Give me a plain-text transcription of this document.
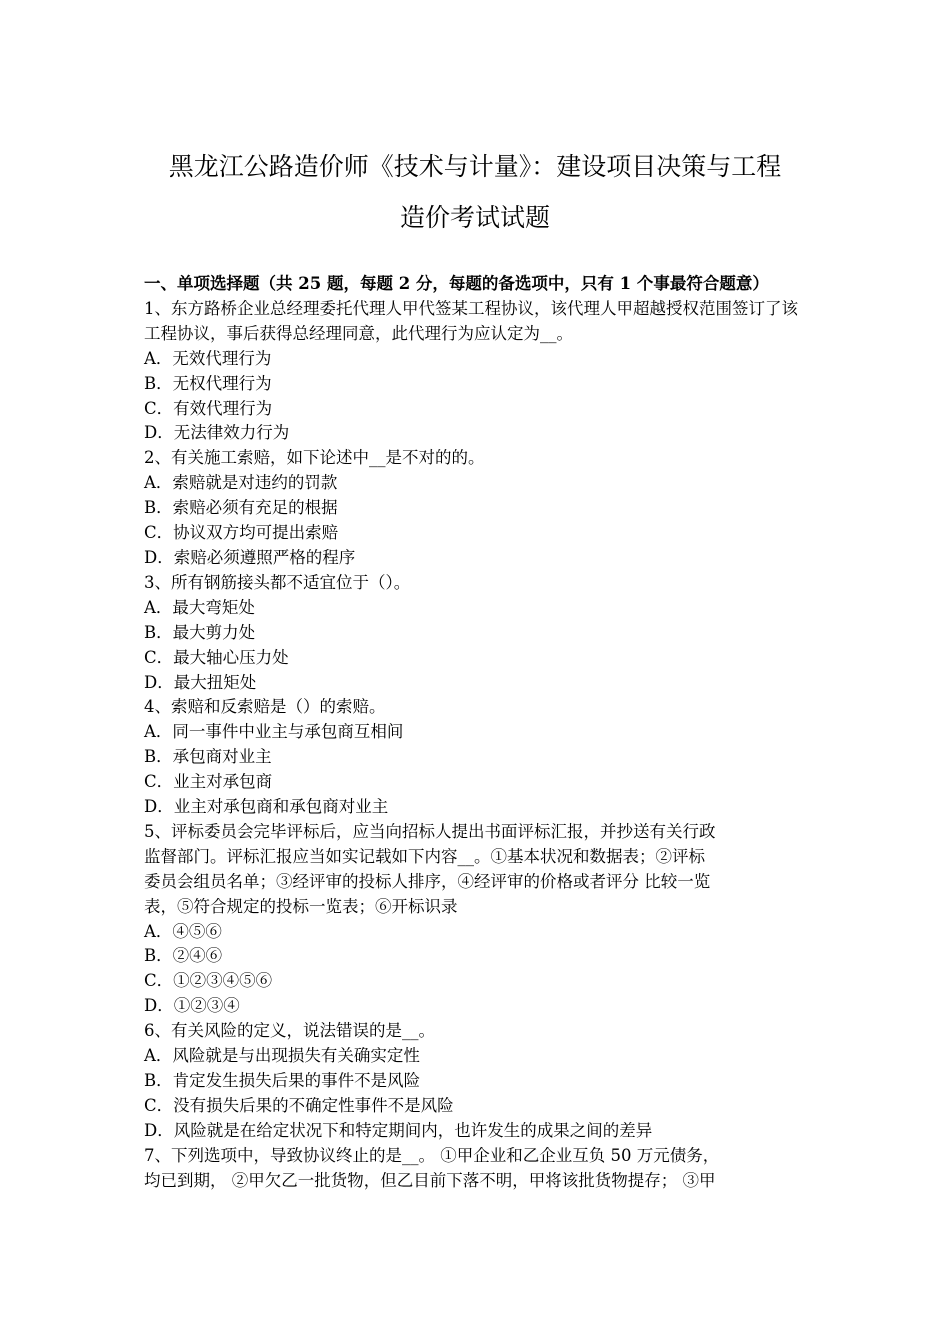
黑龙江公路造价师《技术与计量》：建设项目决策与工程
造价考试试题
一、单项选择题（共 25 题，每题 2 分，每题的备选项中，只有 1 个事最符合题意）
1、东方路桥企业总经理委托代理人甲代签某工程协议，该代理人甲超越授权范围签订了该工程协议，事后获得总经理同意，此代理行为应认定为__。
A．无效代理行为
B．无权代理行为
C．有效代理行为
D．无法律效力行为
2、有关施工索赔，如下论述中__是不对的的。
A．索赔就是对违约的罚款
B．索赔必须有充足的根据
C．协议双方均可提出索赔
D．索赔必须遵照严格的程序
3、所有钢筋接头都不适宜位于（）。
A．最大弯矩处
B．最大剪力处
C．最大轴心压力处
D．最大扭矩处
4、索赔和反索赔是（）的索赔。
A．同一事件中业主与承包商互相间
B．承包商对业主
C．业主对承包商
D．业主对承包商和承包商对业主
5、评标委员会完毕评标后，应当向招标人提出书面评标汇报，并抄送有关行政
监督部门。评标汇报应当如实记载如下内容__。①基本状况和数据表；②评标
委员会组员名单；③经评审的投标人排序，④经评审的价格或者评分 比较一览
表，⑤符合规定的投标一览表；⑥开标识录
A．④⑤⑥
B．②④⑥
C．①②③④⑤⑥
D．①②③④
6、有关风险的定义，说法错误的是__。
A．风险就是与出现损失有关确实定性
B．肯定发生损失后果的事件不是风险
C．没有损失后果的不确定性事件不是风险
D．风险就是在给定状况下和特定期间内，也许发生的成果之间的差异
7、下列选项中，导致协议终止的是__。 ①甲企业和乙企业互负 50 万元债务，
均已到期， ②甲欠乙一批货物，但乙目前下落不明，甲将该批货物提存； ③甲
